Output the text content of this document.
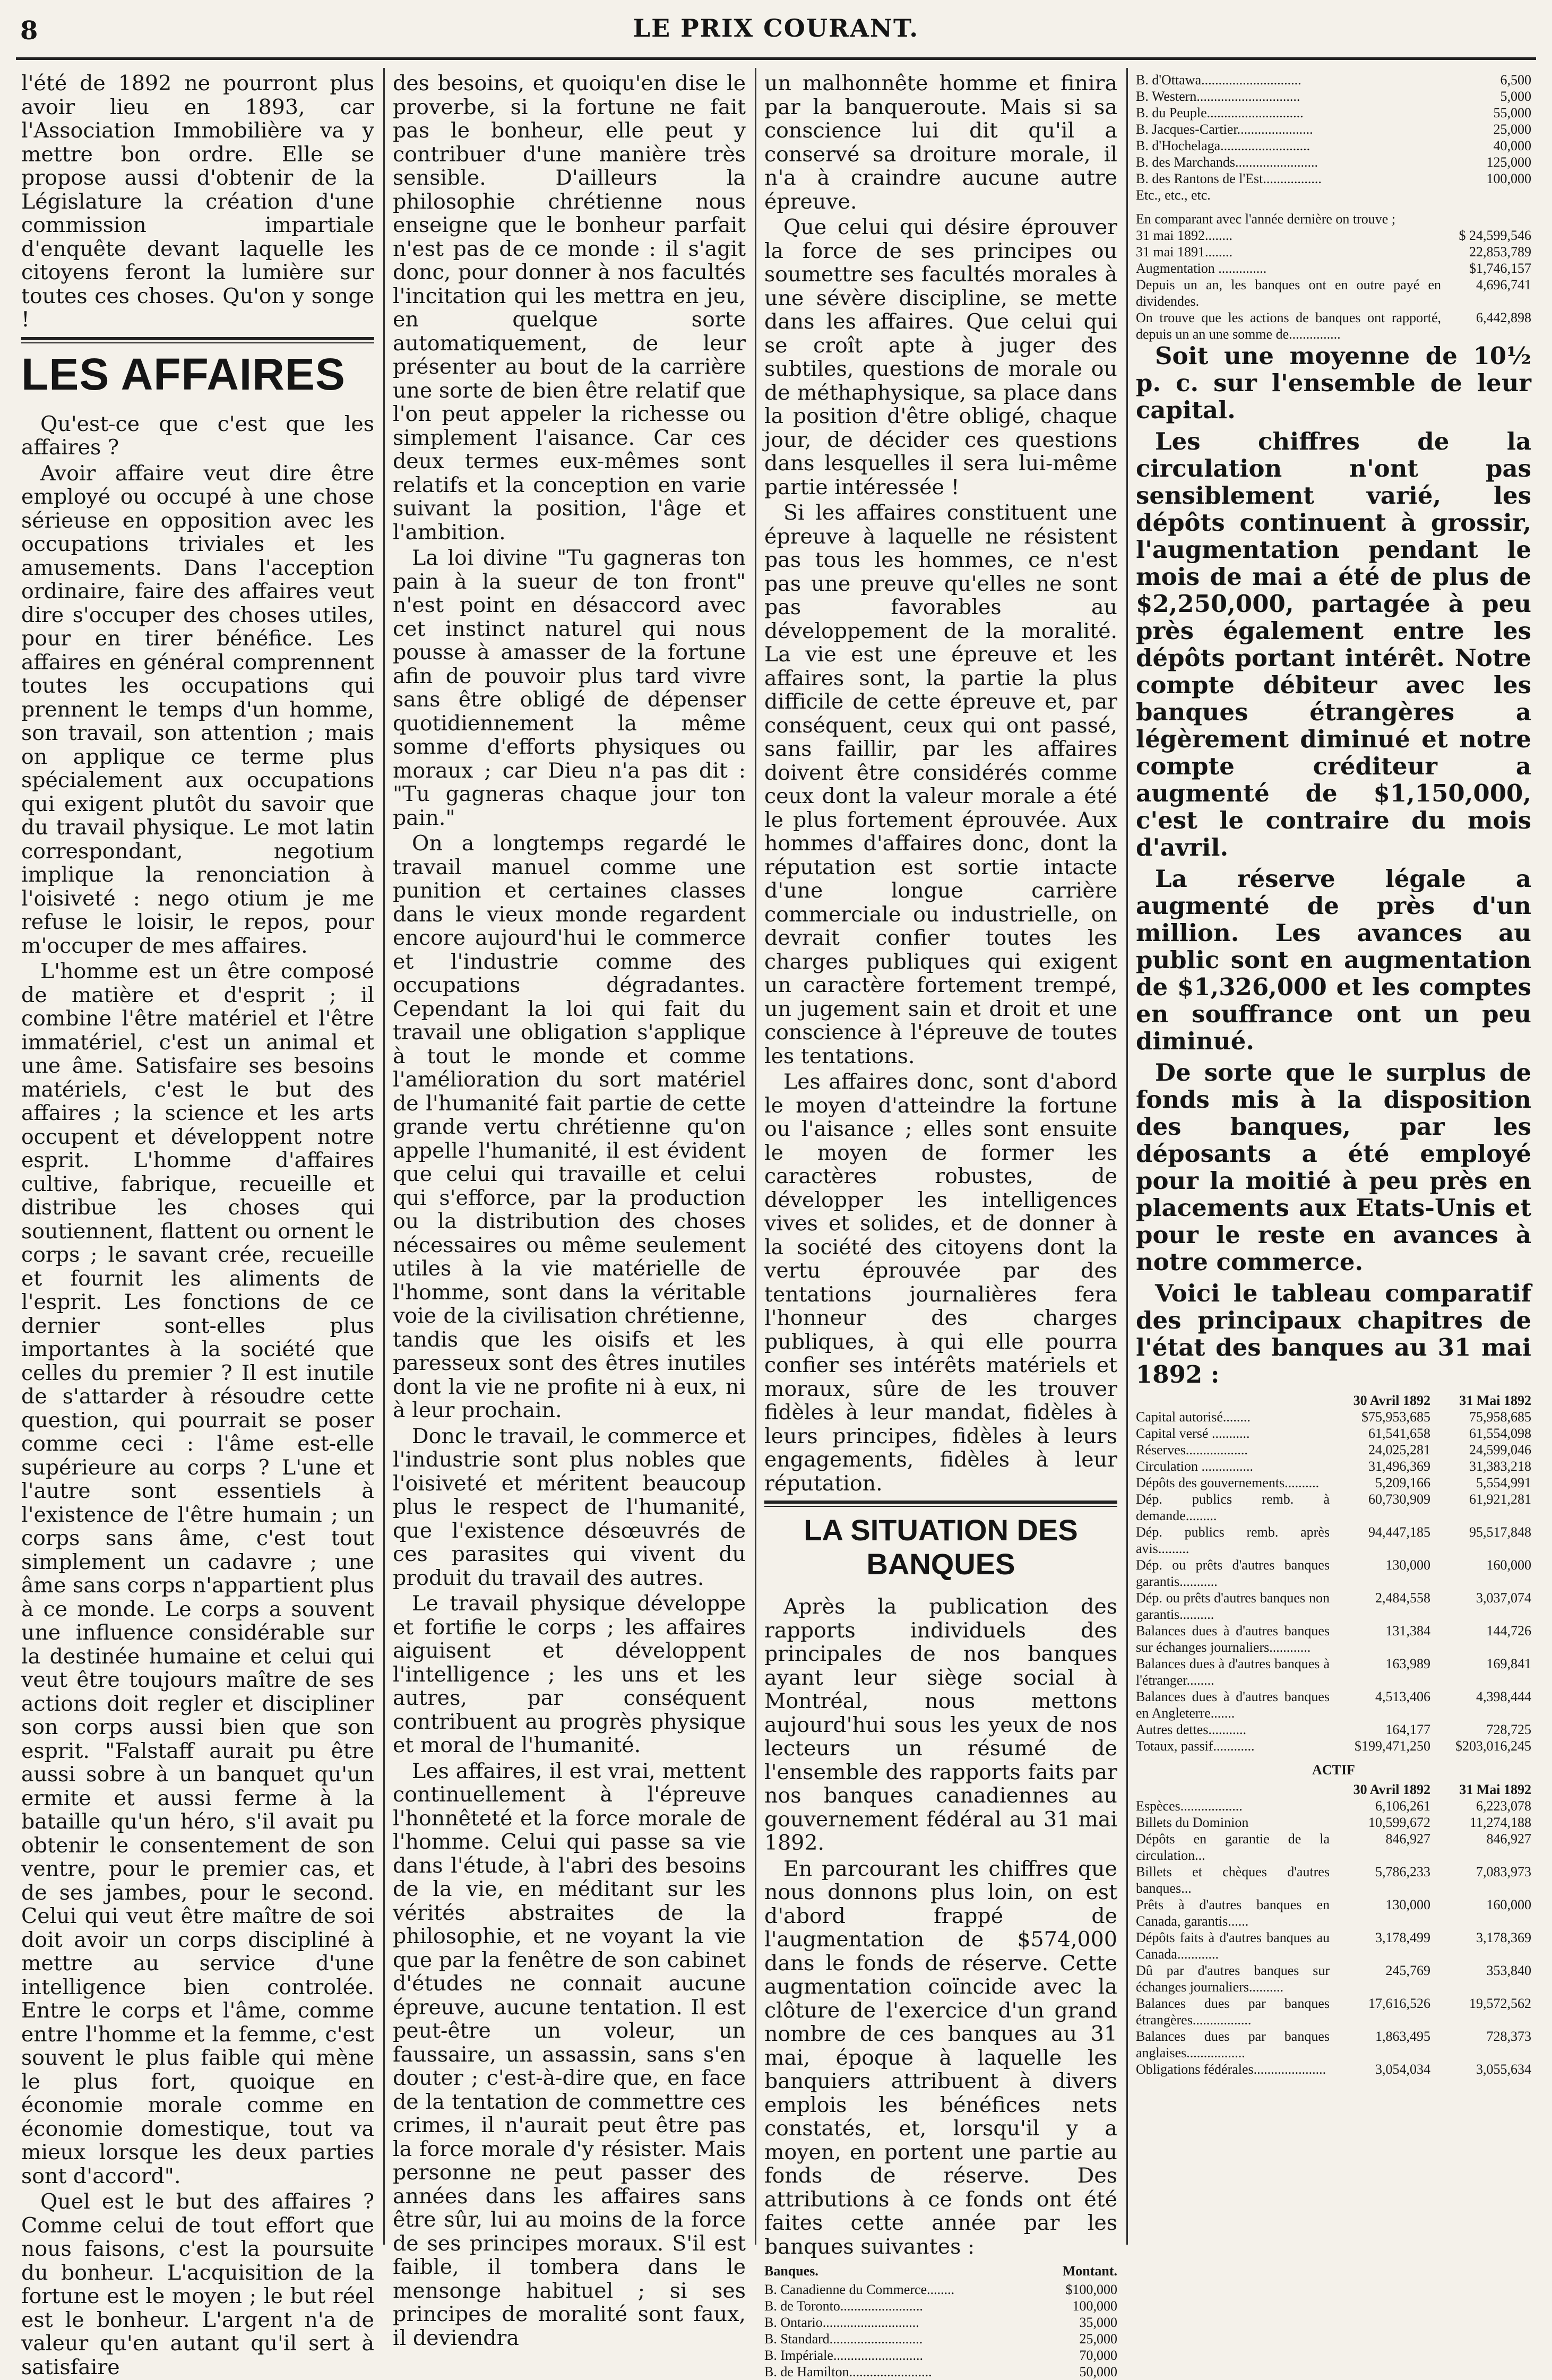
8	LE PRIX COURANT.

l'été de 1892 ne pourront plus avoir lieu en 1893, car l'Association Immobilière va y mettre bon ordre. Elle se propose aussi d'obtenir de la Législature la création d'une commission impartiale d'enquête devant laquelle les citoyens feront la lumière sur toutes ces choses. Qu'on y songe !

LES AFFAIRES

Qu'est-ce que c'est que les affaires ?

Avoir affaire veut dire être employé ou occupé à une chose sérieuse en opposition avec les occupations triviales et les amusements. Dans l'acception ordinaire, faire des affaires veut dire s'occuper des choses utiles, pour en tirer bénéfice. Les affaires en général comprennent toutes les occupations qui prennent le temps d'un homme, son travail, son attention ; mais on applique ce terme plus spécialement aux occupations qui exigent plutôt du savoir que du travail physique. Le mot latin correspondant, negotium implique la renonciation à l'oisiveté : nego otium je me refuse le loisir, le repos, pour m'occuper de mes affaires.

L'homme est un être composé de matière et d'esprit ; il combine l'être matériel et l'être immatériel, c'est un animal et une âme. Satisfaire ses besoins matériels, c'est le but des affaires ; la science et les arts occupent et développent notre esprit. L'homme d'affaires cultive, fabrique, recueille et distribue les choses qui soutiennent, flattent ou ornent le corps ; le savant crée, recueille et fournit les aliments de l'esprit. Les fonctions de ce dernier sont-elles plus importantes à la société que celles du premier ? Il est inutile de s'attarder à résoudre cette question, qui pourrait se poser comme ceci : l'âme est-elle supérieure au corps ? L'une et l'autre sont essentiels à l'existence de l'être humain ; un corps sans âme, c'est tout simplement un cadavre ; une âme sans corps n'appartient plus à ce monde. Le corps a souvent une influence considérable sur la destinée humaine et celui qui veut être toujours maître de ses actions doit regler et discipliner son corps aussi bien que son esprit. "Falstaff aurait pu être aussi sobre à un banquet qu'un ermite et aussi ferme à la bataille qu'un héro, s'il avait pu obtenir le consentement de son ventre, pour le premier cas, et de ses jambes, pour le second. Celui qui veut être maître de soi doit avoir un corps discipliné à mettre au service d'une intelligence bien controlée. Entre le corps et l'âme, comme entre l'homme et la femme, c'est souvent le plus faible qui mène le plus fort, quoique en économie morale comme en économie domestique, tout va mieux lorsque les deux parties sont d'accord".

Quel est le but des affaires ? Comme celui de tout effort que nous faisons, c'est la poursuite du bonheur. L'acquisition de la fortune est le moyen ; le but réel est le bonheur. L'argent n'a de valeur qu'en autant qu'il sert à satisfaire

des besoins, et quoiqu'en dise le proverbe, si la fortune ne fait pas le bonheur, elle peut y contribuer d'une manière très sensible. D'ailleurs la philosophie chrétienne nous enseigne que le bonheur parfait n'est pas de ce monde : il s'agit donc, pour donner à nos facultés l'incitation qui les mettra en jeu, en quelque sorte automatiquement, de leur présenter au bout de la carrière une sorte de bien être relatif que l'on peut appeler la richesse ou simplement l'aisance. Car ces deux termes eux-mêmes sont relatifs et la conception en varie suivant la position, l'âge et l'ambition.

La loi divine "Tu gagneras ton pain à la sueur de ton front" n'est point en désaccord avec cet instinct naturel qui nous pousse à amasser de la fortune afin de pouvoir plus tard vivre sans être obligé de dépenser quotidiennement la même somme d'efforts physiques ou moraux ; car Dieu n'a pas dit : "Tu gagneras chaque jour ton pain."

On a longtemps regardé le travail manuel comme une punition et certaines classes dans le vieux monde regardent encore aujourd'hui le commerce et l'industrie comme des occupations dégradantes. Cependant la loi qui fait du travail une obligation s'applique à tout le monde et comme l'amélioration du sort matériel de l'humanité fait partie de cette grande vertu chrétienne qu'on appelle l'humanité, il est évident que celui qui travaille et celui qui s'efforce, par la production ou la distribution des choses nécessaires ou même seulement utiles à la vie matérielle de l'homme, sont dans la véritable voie de la civilisation chrétienne, tandis que les oisifs et les paresseux sont des êtres inutiles dont la vie ne profite ni à eux, ni à leur prochain.

Donc le travail, le commerce et l'industrie sont plus nobles que l'oisiveté et méritent beaucoup plus le respect de l'humanité, que l'existence désœuvrés de ces parasites qui vivent du produit du travail des autres.

Le travail physique développe et fortifie le corps ; les affaires aiguisent et développent l'intelligence ; les uns et les autres, par conséquent contribuent au progrès physique et moral de l'humanité.

Les affaires, il est vrai, mettent continuellement à l'épreuve l'honnêteté et la force morale de l'homme. Celui qui passe sa vie dans l'étude, à l'abri des besoins de la vie, en méditant sur les vérités abstraites de la philosophie, et ne voyant la vie que par la fenêtre de son cabinet d'études ne connait aucune épreuve, aucune tentation. Il est peut-être un voleur, un faussaire, un assassin, sans s'en douter ; c'est-à-dire que, en face de la tentation de commettre ces crimes, il n'aurait peut être pas la force morale d'y résister. Mais personne ne peut passer des années dans les affaires sans être sûr, lui au moins de la force de ses principes moraux. S'il est faible, il tombera dans le mensonge habituel ; si ses principes de moralité sont faux, il deviendra

un malhonnête homme et finira par la banqueroute. Mais si sa conscience lui dit qu'il a conservé sa droiture morale, il n'a à craindre aucune autre épreuve.

Que celui qui désire éprouver la force de ses principes ou soumettre ses facultés morales à une sévère discipline, se mette dans les affaires. Que celui qui se croît apte à juger des subtiles, questions de morale ou de méthaphysique, sa place dans la position d'être obligé, chaque jour, de décider ces questions dans lesquelles il sera lui-même partie intéressée !

Si les affaires constituent une épreuve à laquelle ne résistent pas tous les hommes, ce n'est pas une preuve qu'elles ne sont pas favorables au développement de la moralité. La vie est une épreuve et les affaires sont, la partie la plus difficile de cette épreuve et, par conséquent, ceux qui ont passé, sans faillir, par les affaires doivent être considérés comme ceux dont la valeur morale a été le plus fortement éprouvée. Aux hommes d'affaires donc, dont la réputation est sortie intacte d'une longue carrière commerciale ou industrielle, on devrait confier toutes les charges publiques qui exigent un caractère fortement trempé, un jugement sain et droit et une conscience à l'épreuve de toutes les tentations.

Les affaires donc, sont d'abord le moyen d'atteindre la fortune ou l'aisance ; elles sont ensuite le moyen de former les caractères robustes, de développer les intelligences vives et solides, et de donner à la société des citoyens dont la vertu éprouvée par des tentations journalières fera l'honneur des charges publiques, à qui elle pourra confier ses intérêts matériels et moraux, sûre de les trouver fidèles à leur mandat, fidèles à leurs principes, fidèles à leurs engagements, fidèles à leur réputation.

LA SITUATION DES BANQUES

Après la publication des rapports individuels des principales de nos banques ayant leur siège social à Montréal, nous mettons aujourd'hui sous les yeux de nos lecteurs un résumé de l'ensemble des rapports faits par nos banques canadiennes au gouvernement fédéral au 31 mai 1892.

En parcourant les chiffres que nous donnons plus loin, on est d'abord frappé de l'augmentation de $574,000 dans le fonds de réserve. Cette augmentation coïncide avec la clôture de l'exercice d'un grand nombre de ces banques au 31 mai, époque à laquelle les banquiers attribuent à divers emplois les bénéfices nets constatés, et, lorsqu'il y a moyen, en portent une partie au fonds de réserve. Des attributions à ce fonds ont été faites cette année par les banques suivantes :

Banques.	Montant.
B. Canadienne du Commerce........	$100,000
B. de Toronto........................	100,000
B. Ontario............................	35,000
B. Standard...........................	25,000
B. Impériale..........................	70,000
B. de Hamilton........................	50,000
B. d'Ottawa.............................	6,500
B. Western..............................	5,000
B. du Peuple............................	55,000
B. Jacques-Cartier......................	25,000
B. d'Hochelaga..........................	40,000
B. des Marchands........................	125,000
B. des Rantons de l'Est.................	100,000
Etc., etc., etc.
En comparant avec l'année dernière on trouve ;
31 mai 1892........	$ 24,599,546
31 mai 1891........	22,853,789
Augmentation ..............	$1,746,157
Depuis un an, les banques ont en outre payé en dividendes.
4,696,741
On trouve que les actions de banques ont rapporté, depuis un an une somme de...............
6,442,898

Soit une moyenne de 10½ p. c. sur l'ensemble de leur capital.

Les chiffres de la circulation n'ont pas sensiblement varié, les dépôts continuent à grossir, l'augmentation pendant le mois de mai a été de plus de $2,250,000, partagée à peu près également entre les dépôts portant intérêt. Notre compte débiteur avec les banques étrangères a légèrement diminué et notre compte créditeur a augmenté de $1,150,000, c'est le contraire du mois d'avril.

La réserve légale a augmenté de près d'un million. Les avances au public sont en augmentation de $1,326,000 et les comptes en souffrance ont un peu diminué.

De sorte que le surplus de fonds mis à la disposition des banques, par les déposants a été employé pour la moitié à peu près en placements aux Etats-Unis et pour le reste en avances à notre commerce.

Voici le tableau comparatif des principaux chapitres de l'état des banques au 31 mai 1892 :

30 Avril 1892	31 Mai 1892
Capital autorisé........	$75,953,685	75,958,685
Capital versé ...........	61,541,658	61,554,098
Réserves..................	24,025,281	24,599,046
Circulation ...............	31,496,369	31,383,218
Dépôts des gouvernements..........	5,209,166	5,554,991
Dép. publics remb. à demande.........
60,730,909	61,921,281
Dép. publics remb. après avis.........
94,447,185	95,517,848
Dép. ou prêts d'autres banques garantis...........
130,000	160,000
Dép. ou prêts d'autres banques non garantis..........
2,484,558	3,037,074
Balances dues à d'autres banques sur échanges journaliers............
131,384	144,726
Balances dues à d'autres banques à l'étranger........
163,989	169,841
Balances dues à d'autres banques en Angleterre.......
4,513,406	4,398,444
Autres dettes...........	164,177	728,725
Totaux, passif............	$199,471,250	$203,016,245
ACTIF
30 Avril 1892	31 Mai 1892
Espèces..................	6,106,261	6,223,078
Billets du Dominion	10,599,672	11,274,188
Dépôts en garantie de la circulation...
846,927	846,927
Billets et chèques d'autres banques...
5,786,233	7,083,973
Prêts à d'autres banques en Canada, garantis......
130,000	160,000
Dépôts faits à d'autres banques au Canada............
3,178,499	3,178,369
Dû par d'autres banques sur échanges journaliers..........
245,769	353,840
Balances dues par banques étrangères.................
17,616,526	19,572,562
Balances dues par banques anglaises.................
1,863,495	728,373
Obligations fédérales.....................	3,054,034	3,055,634
